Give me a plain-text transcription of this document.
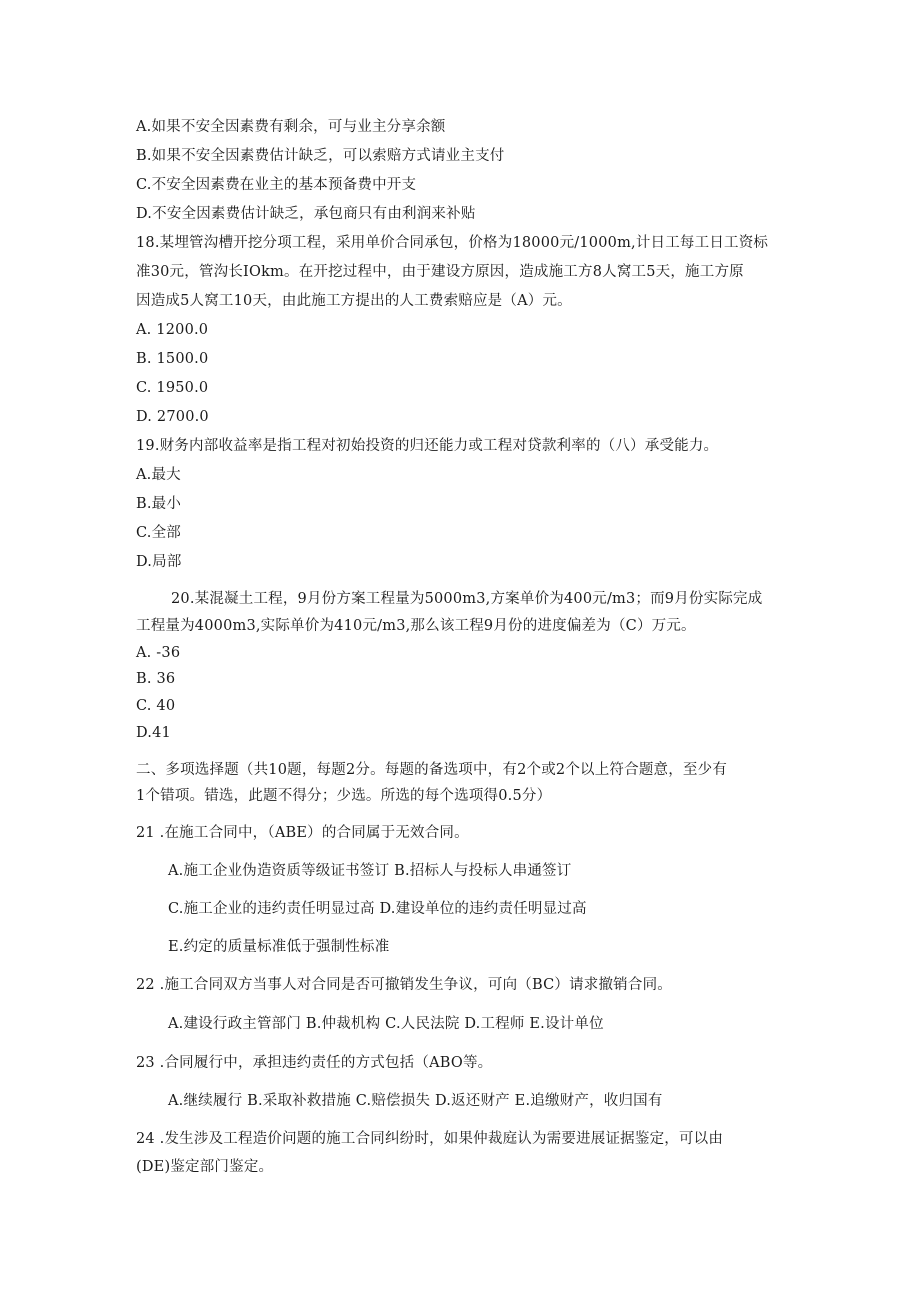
A.如果不安全因素费有剩余，可与业主分享余额
B.如果不安全因素费估计缺乏，可以索赔方式请业主支付
C.不安全因素费在业主的基本预备费中开支
D.不安全因素费估计缺乏，承包商只有由利润来补贴
18.某埋管沟槽开挖分项工程，采用单价合同承包，价格为18000元/1000m,计日工每工日工资标
准30元，管沟长IOkm。在开挖过程中，由于建设方原因，造成施工方8人窝工5天，施工方原
因造成5人窝工10天，由此施工方提出的人工费索赔应是（A）元。
A. 1200.0
B. 1500.0
C. 1950.0
D. 2700.0
19.财务内部收益率是指工程对初始投资的归还能力或工程对贷款利率的（八）承受能力。
A.最大
B.最小
C.全部
D.局部
20.某混凝土工程，9月份方案工程量为5000m3,方案单价为400元/m3；而9月份实际完成
工程量为4000m3,实际单价为410元/m3,那么该工程9月份的进度偏差为（C）万元。
A. -36
B. 36
C. 40
D.41
二、多项选择题（共10题，每题2分。每题的备选项中，有2个或2个以上符合题意，至少有
1个错项。错选，此题不得分；少选。所选的每个选项得0.5分）
21 .在施工合同中，（ABE）的合同属于无效合同。
A.施工企业伪造资质等级证书签订 B.招标人与投标人串通签订
C.施工企业的违约责任明显过高 D.建设单位的违约责任明显过高
E.约定的质量标准低于强制性标准
22 .施工合同双方当事人对合同是否可撤销发生争议，可向（BC）请求撤销合同。
A.建设行政主管部门 B.仲裁机构 C.人民法院 D.工程师 E.设计单位
23 .合同履行中，承担违约责任的方式包括（ABO等。
A.继续履行 B.采取补救措施 C.赔偿损失 D.返还财产 E.追缴财产，收归国有
24 .发生涉及工程造价问题的施工合同纠纷时，如果仲裁庭认为需要进展证据鉴定，可以由
(DE)鉴定部门鉴定。
